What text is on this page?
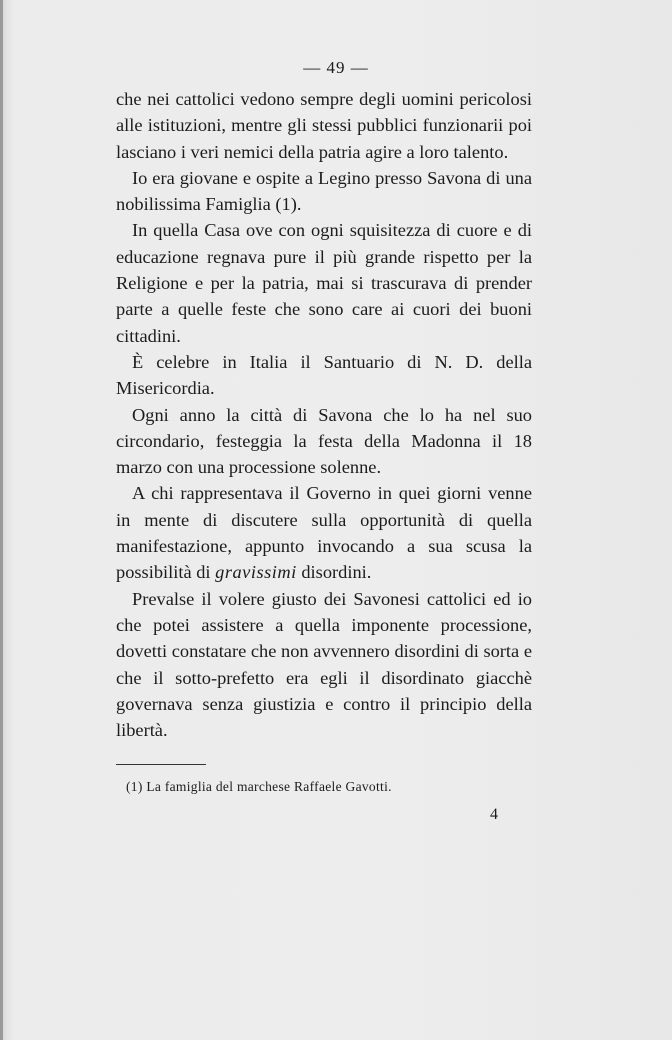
— 49 —

che nei cattolici vedono sempre degli uomini pericolosi alle istituzioni, mentre gli stessi pubblici funzionarii poi lasciano i veri nemici della patria agire a loro talento.

Io era giovane e ospite a Legino presso Savona di una nobilissima Famiglia (1).

In quella Casa ove con ogni squisitezza di cuore e di educazione regnava pure il più grande rispetto per la Religione e per la patria, mai si trascurava di prender parte a quelle feste che sono care ai cuori dei buoni cittadini.

È celebre in Italia il Santuario di N. D. della Misericordia.

Ogni anno la città di Savona che lo ha nel suo circondario, festeggia la festa della Madonna il 18 marzo con una processione solenne.

A chi rappresentava il Governo in quei giorni venne in mente di discutere sulla opportunità di quella manifestazione, appunto invocando a sua scusa la possibilità di gravissimi disordini.

Prevalse il volere giusto dei Savonesi cattolici ed io che potei assistere a quella imponente processione, dovetti constatare che non avvennero disordini di sorta e che il sotto-prefetto era egli il disordinato giacchè governava senza giustizia e contro il principio della libertà.

(1) La famiglia del marchese Raffaele Gavotti.
4
